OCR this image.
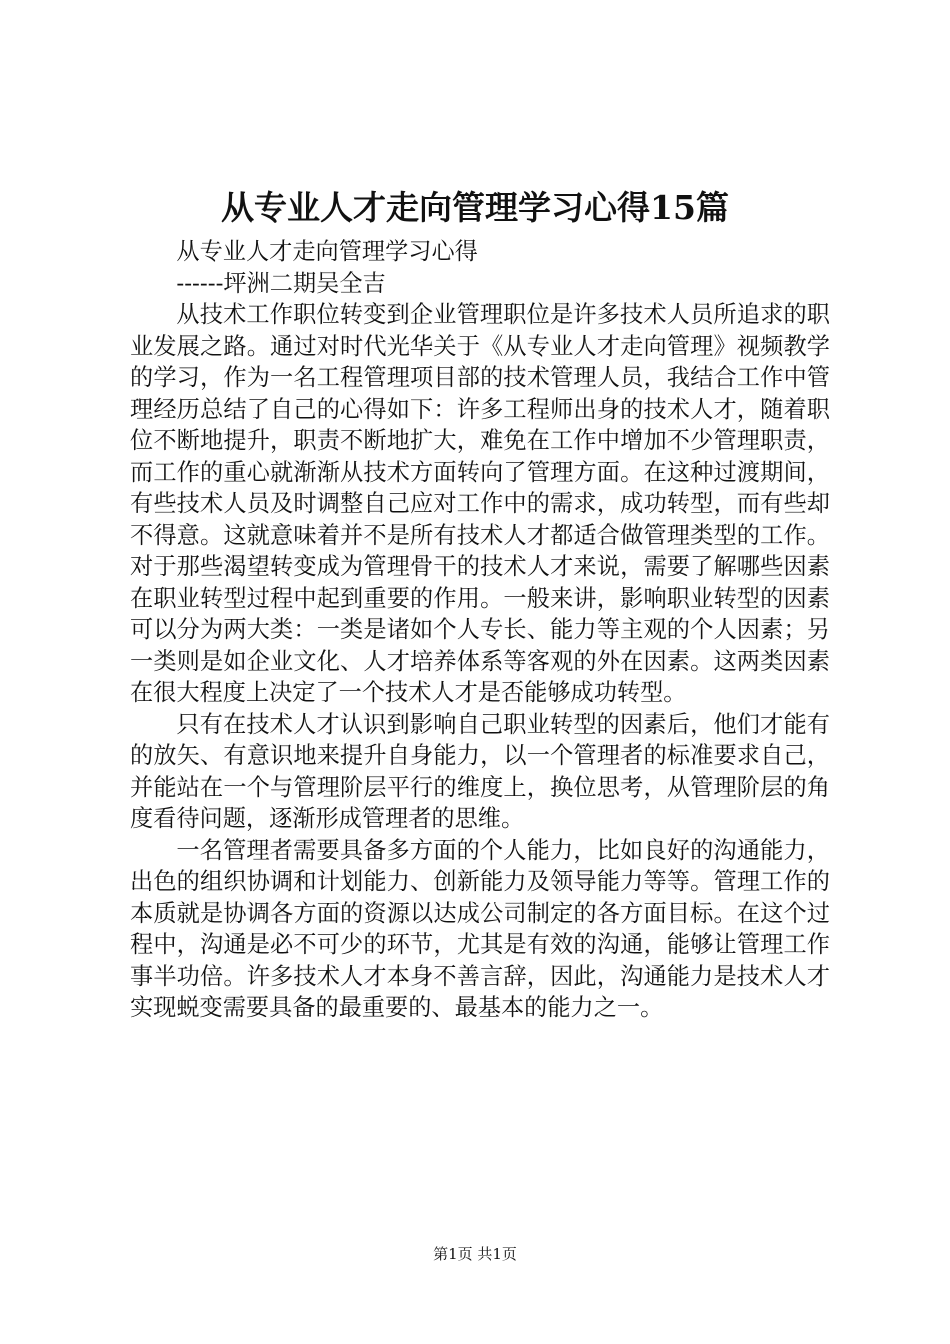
从专业人才走向管理学习心得15篇

从专业人才走向管理学习心得

------坪洲二期吴全吉

从技术工作职位转变到企业管理职位是许多技术人员所追求的职业发展之路。通过对时代光华关于《从专业人才走向管理》视频教学的学习，作为一名工程管理项目部的技术管理人员，我结合工作中管理经历总结了自己的心得如下：许多工程师出身的技术人才，随着职位不断地提升，职责不断地扩大，难免在工作中增加不少管理职责，而工作的重心就渐渐从技术方面转向了管理方面。在这种过渡期间，有些技术人员及时调整自己应对工作中的需求，成功转型，而有些却不得意。这就意味着并不是所有技术人才都适合做管理类型的工作。对于那些渴望转变成为管理骨干的技术人才来说，需要了解哪些因素在职业转型过程中起到重要的作用。一般来讲，影响职业转型的因素可以分为两大类：一类是诸如个人专长、能力等主观的个人因素；另一类则是如企业文化、人才培养体系等客观的外在因素。这两类因素在很大程度上决定了一个技术人才是否能够成功转型。

只有在技术人才认识到影响自己职业转型的因素后，他们才能有的放矢、有意识地来提升自身能力，以一个管理者的标准要求自己，并能站在一个与管理阶层平行的维度上，换位思考，从管理阶层的角度看待问题，逐渐形成管理者的思维。

一名管理者需要具备多方面的个人能力，比如良好的沟通能力，出色的组织协调和计划能力、创新能力及领导能力等等。管理工作的本质就是协调各方面的资源以达成公司制定的各方面目标。在这个过程中，沟通是必不可少的环节，尤其是有效的沟通，能够让管理工作事半功倍。许多技术人才本身不善言辞，因此，沟通能力是技术人才实现蜕变需要具备的最重要的、最基本的能力之一。

第1页 共1页
